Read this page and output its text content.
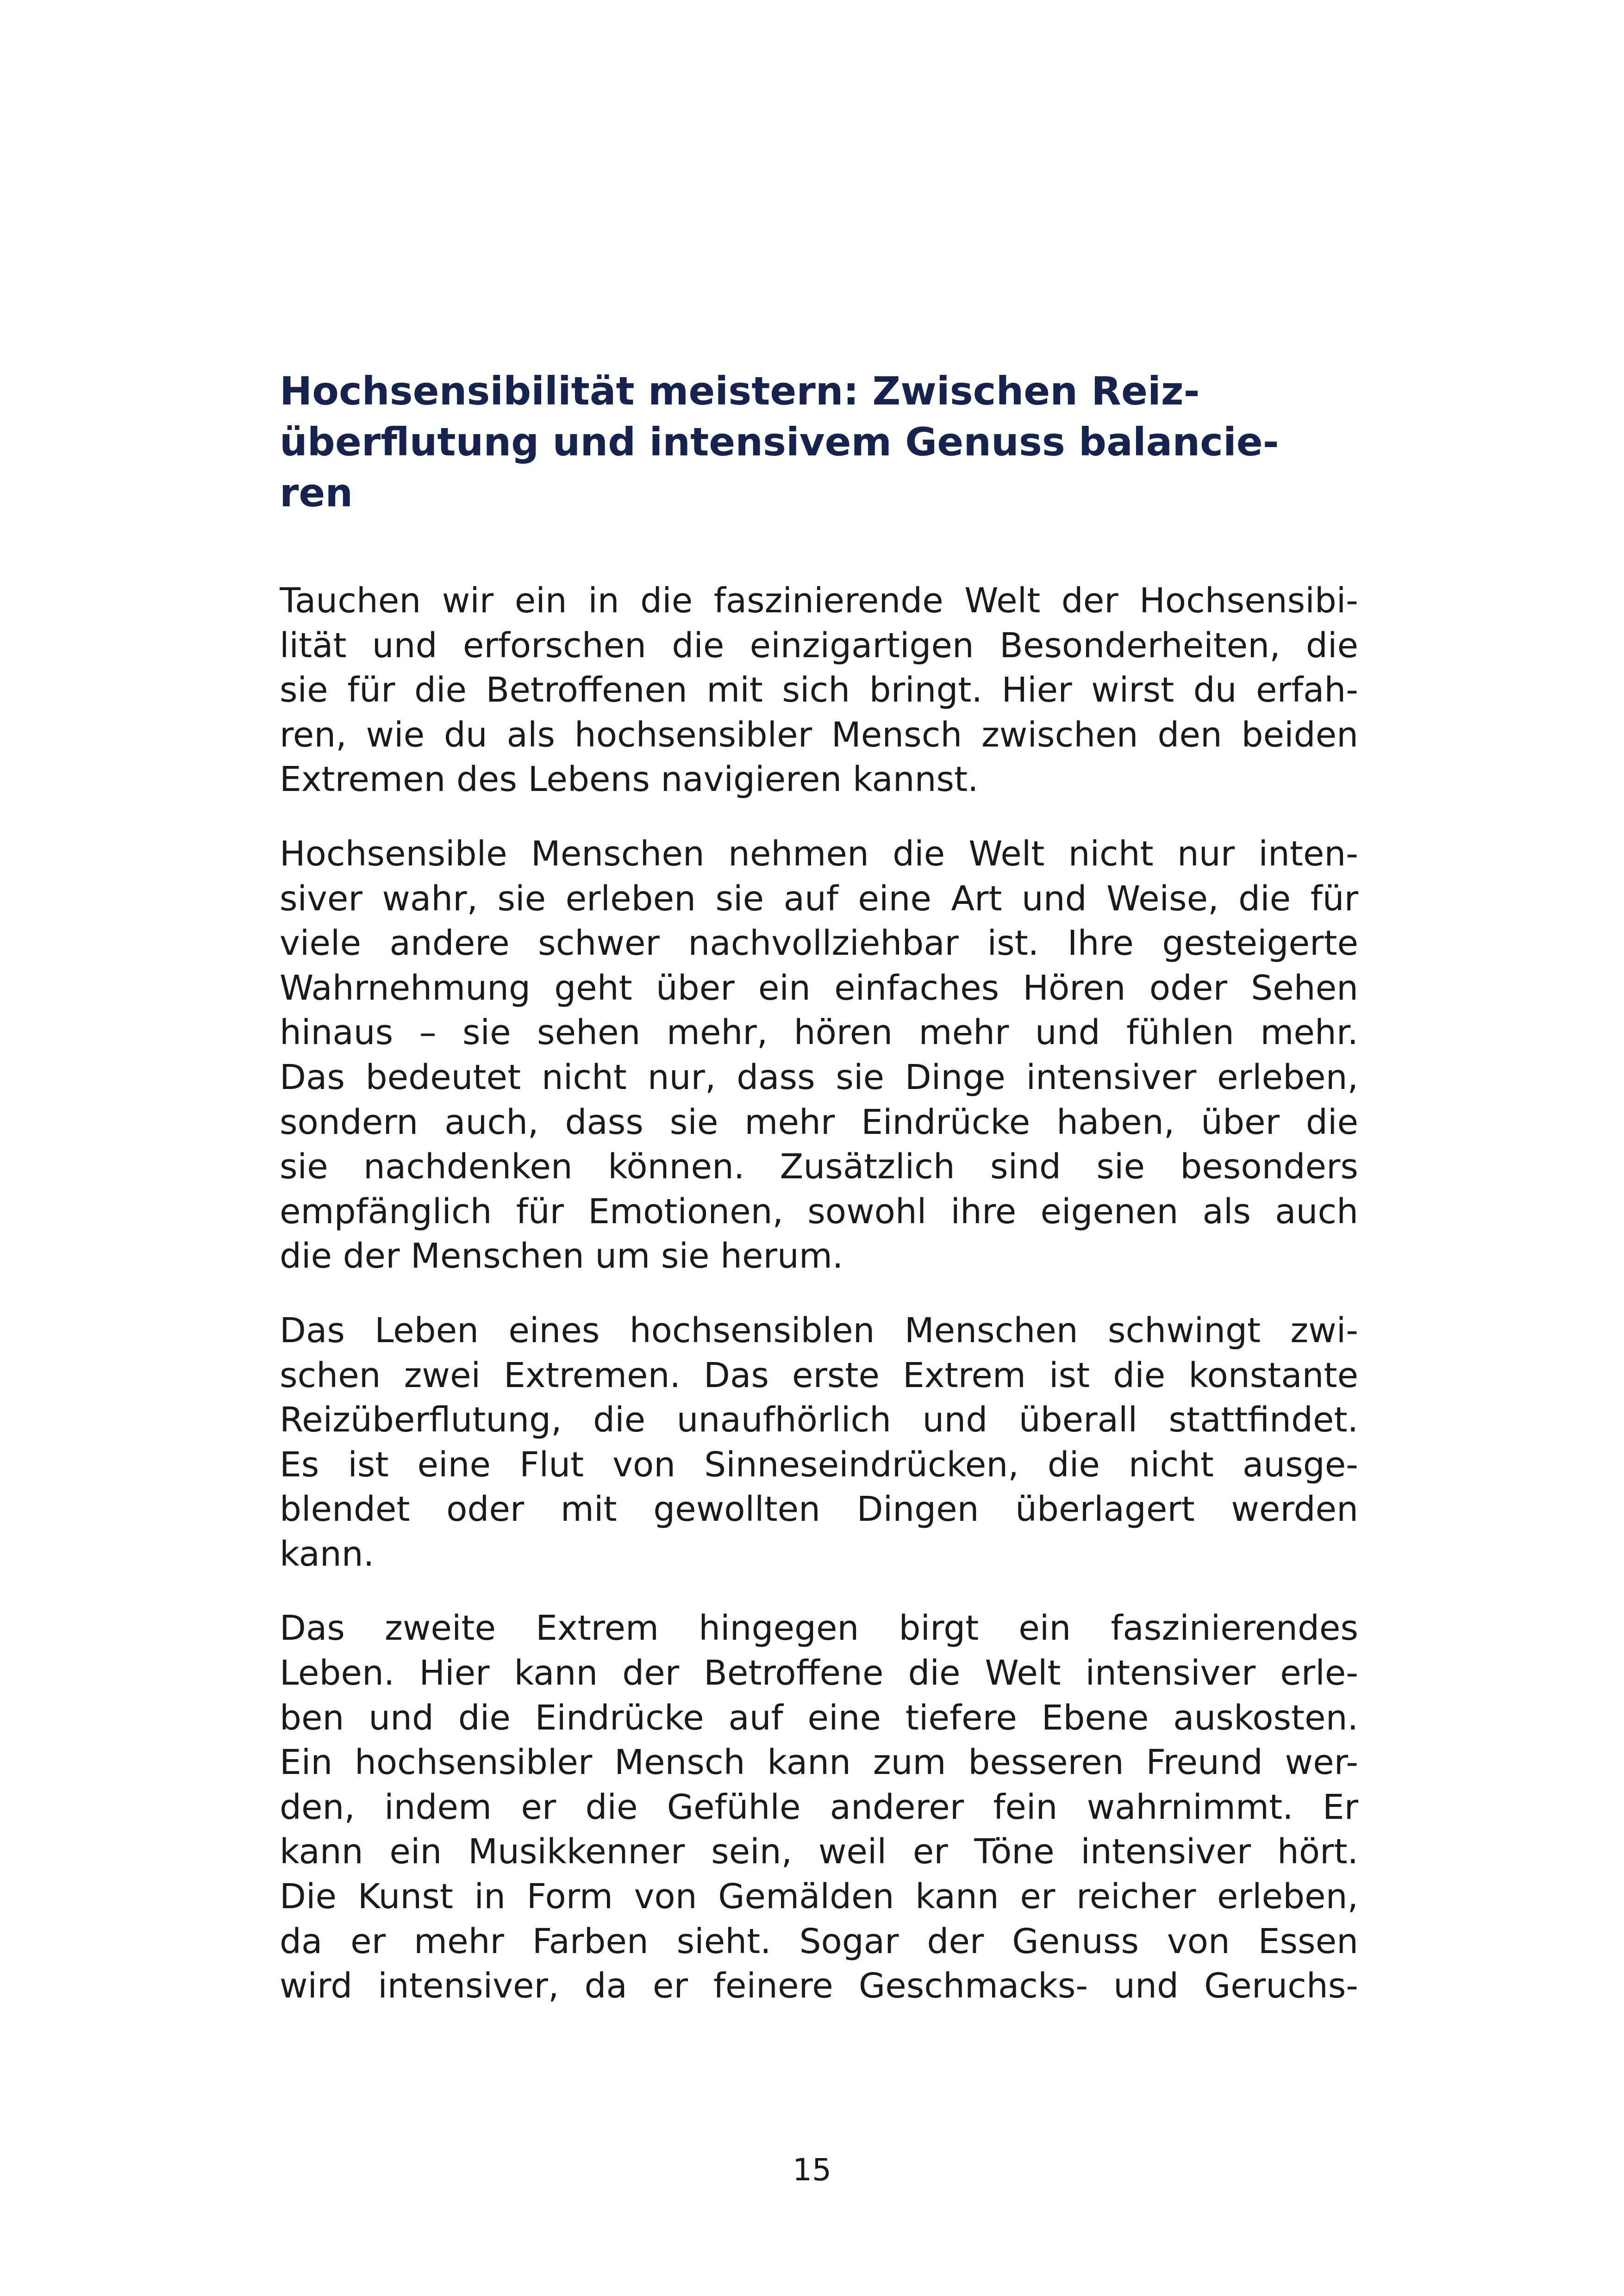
Hochsensibilität meistern: Zwischen Reiz-
überflutung und intensivem Genuss balancie-
ren

Tauchen wir ein in die faszinierende Welt der Hochsensibi-
lität und erforschen die einzigartigen Besonderheiten, die
sie für die Betroffenen mit sich bringt. Hier wirst du erfah-
ren, wie du als hochsensibler Mensch zwischen den beiden
Extremen des Lebens navigieren kannst.

Hochsensible Menschen nehmen die Welt nicht nur inten-
siver wahr, sie erleben sie auf eine Art und Weise, die für
viele andere schwer nachvollziehbar ist. Ihre gesteigerte
Wahrnehmung geht über ein einfaches Hören oder Sehen
hinaus – sie sehen mehr, hören mehr und fühlen mehr.
Das bedeutet nicht nur, dass sie Dinge intensiver erleben,
sondern auch, dass sie mehr Eindrücke haben, über die
sie nachdenken können. Zusätzlich sind sie besonders
empfänglich für Emotionen, sowohl ihre eigenen als auch
die der Menschen um sie herum.

Das Leben eines hochsensiblen Menschen schwingt zwi-
schen zwei Extremen. Das erste Extrem ist die konstante
Reizüberflutung, die unaufhörlich und überall stattfindet.
Es ist eine Flut von Sinneseindrücken, die nicht ausge-
blendet oder mit gewollten Dingen überlagert werden
kann.

Das zweite Extrem hingegen birgt ein faszinierendes
Leben. Hier kann der Betroffene die Welt intensiver erle-
ben und die Eindrücke auf eine tiefere Ebene auskosten.
Ein hochsensibler Mensch kann zum besseren Freund wer-
den, indem er die Gefühle anderer fein wahrnimmt. Er
kann ein Musikkenner sein, weil er Töne intensiver hört.
Die Kunst in Form von Gemälden kann er reicher erleben,
da er mehr Farben sieht. Sogar der Genuss von Essen
wird intensiver, da er feinere Geschmacks- und Geruchs-

15
